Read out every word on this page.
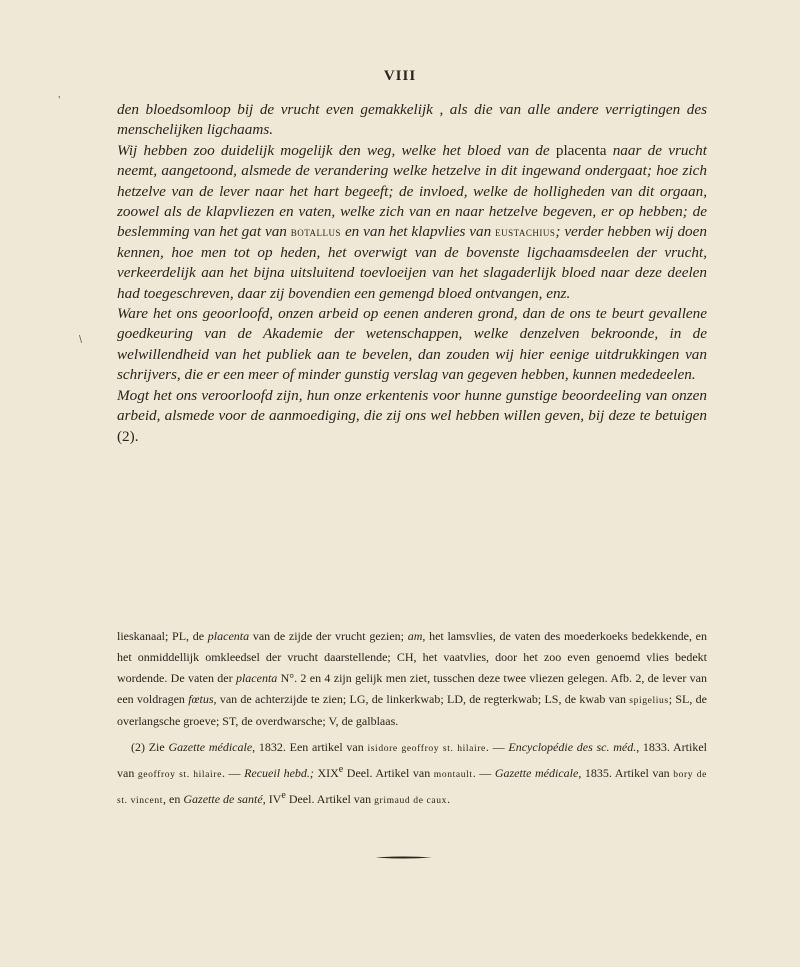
‚
\
VIII

den bloedsomloop bij de vrucht even gemakkelijk , als die van alle andere verrigtingen des menschelijken ligchaams.

Wij hebben zoo duidelijk mogelijk den weg, welke het bloed van de placenta naar de vrucht neemt, aangetoond, alsmede de verandering welke hetzelve in dit ingewand ondergaat; hoe zich hetzelve van de lever naar het hart begeeft; de invloed, welke de holligheden van dit orgaan, zoowel als de klapvliezen en vaten, welke zich van en naar hetzelve begeven, er op hebben; de beslemming van het gat van botallus en van het klapvlies van eustachius; verder hebben wij doen kennen, hoe men tot op heden, het overwigt van de bovenste ligchaamsdeelen der vrucht, verkeerdelijk aan het bijna uitsluitend toevloeijen van het slagaderlijk bloed naar deze deelen had toegeschreven, daar zij bovendien een gemengd bloed ontvangen, enz.

Ware het ons geoorloofd, onzen arbeid op eenen anderen grond, dan de ons te beurt gevallene goedkeuring van de Akademie der wetenschappen, welke denzelven bekroonde, in de welwillendheid van het publiek aan te bevelen, dan zouden wij hier eenige uitdrukkingen van schrijvers, die er een meer of minder gunstig verslag van gegeven hebben, kunnen mededeelen.

Mogt het ons veroorloofd zijn, hun onze erkentenis voor hunne gunstige beoordeeling van onzen arbeid, alsmede voor de aanmoediging, die zij ons wel hebben willen geven, bij deze te betuigen (2).

lieskanaal; PL, de placenta van de zijde der vrucht gezien; am, het lamsvlies, de vaten des moederkoeks bedekkende, en het onmiddellijk omkleedsel der vrucht daarstellende; CH, het vaatvlies, door het zoo even genoemd vlies bedekt wordende. De vaten der placenta N°. 2 en 4 zijn gelijk men ziet, tusschen deze twee vliezen gelegen. Afb. 2, de lever van een voldragen fœtus, van de achterzijde te zien; LG, de linkerkwab; LD, de regterkwab; LS, de kwab van spigelius; SL, de overlangsche groeve; ST, de overdwarsche; V, de galblaas.

(2) Zie Gazette médicale, 1832. Een artikel van isidore geoffroy st. hilaire. — Encyclopédie des sc. méd., 1833. Artikel van geoffroy st. hilaire. — Recueil hebd.; XIXe Deel. Artikel van montault. — Gazette médicale, 1835. Artikel van bory de st. vincent, en Gazette de santé, IVe Deel. Artikel van grimaud de caux.
